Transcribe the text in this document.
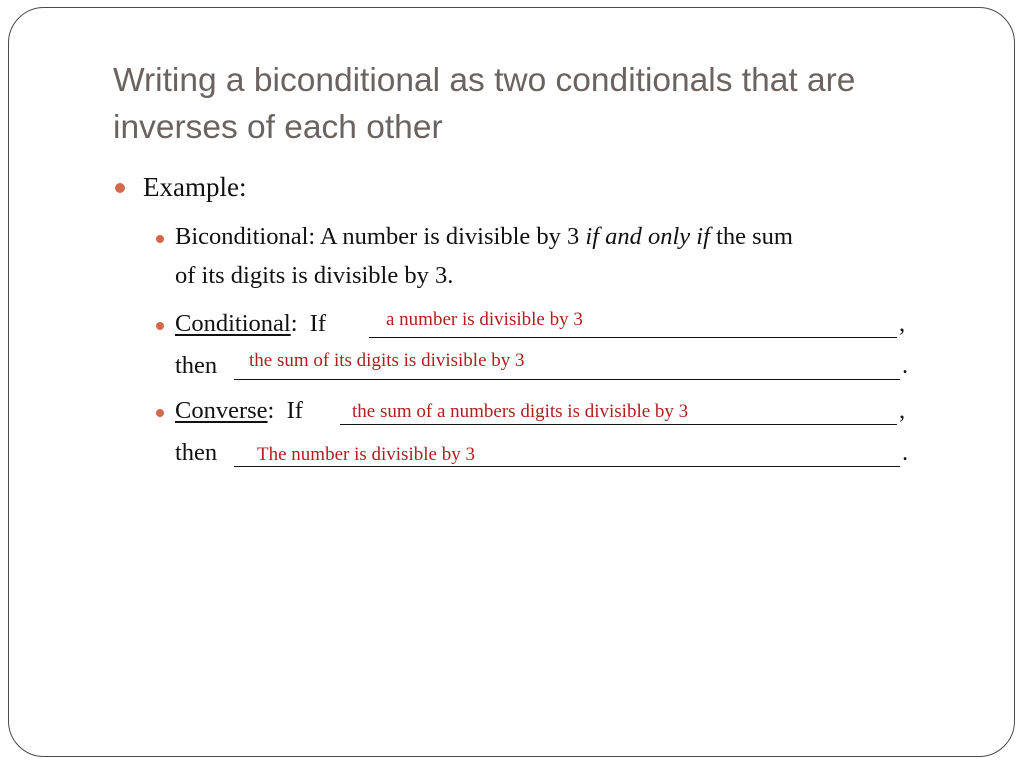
Writing a biconditional as two conditionals that are inverses of each other
Example:
Biconditional: A number is divisible by 3 if and only if the sum
of its digits is divisible by 3.
Conditional:  If	a number is divisible by 3	,
then the sum of its digits is divisible by 3	.
Converse:  If	the sum of a numbers digits is divisible by 3	,
then The number is divisible by 3	.
